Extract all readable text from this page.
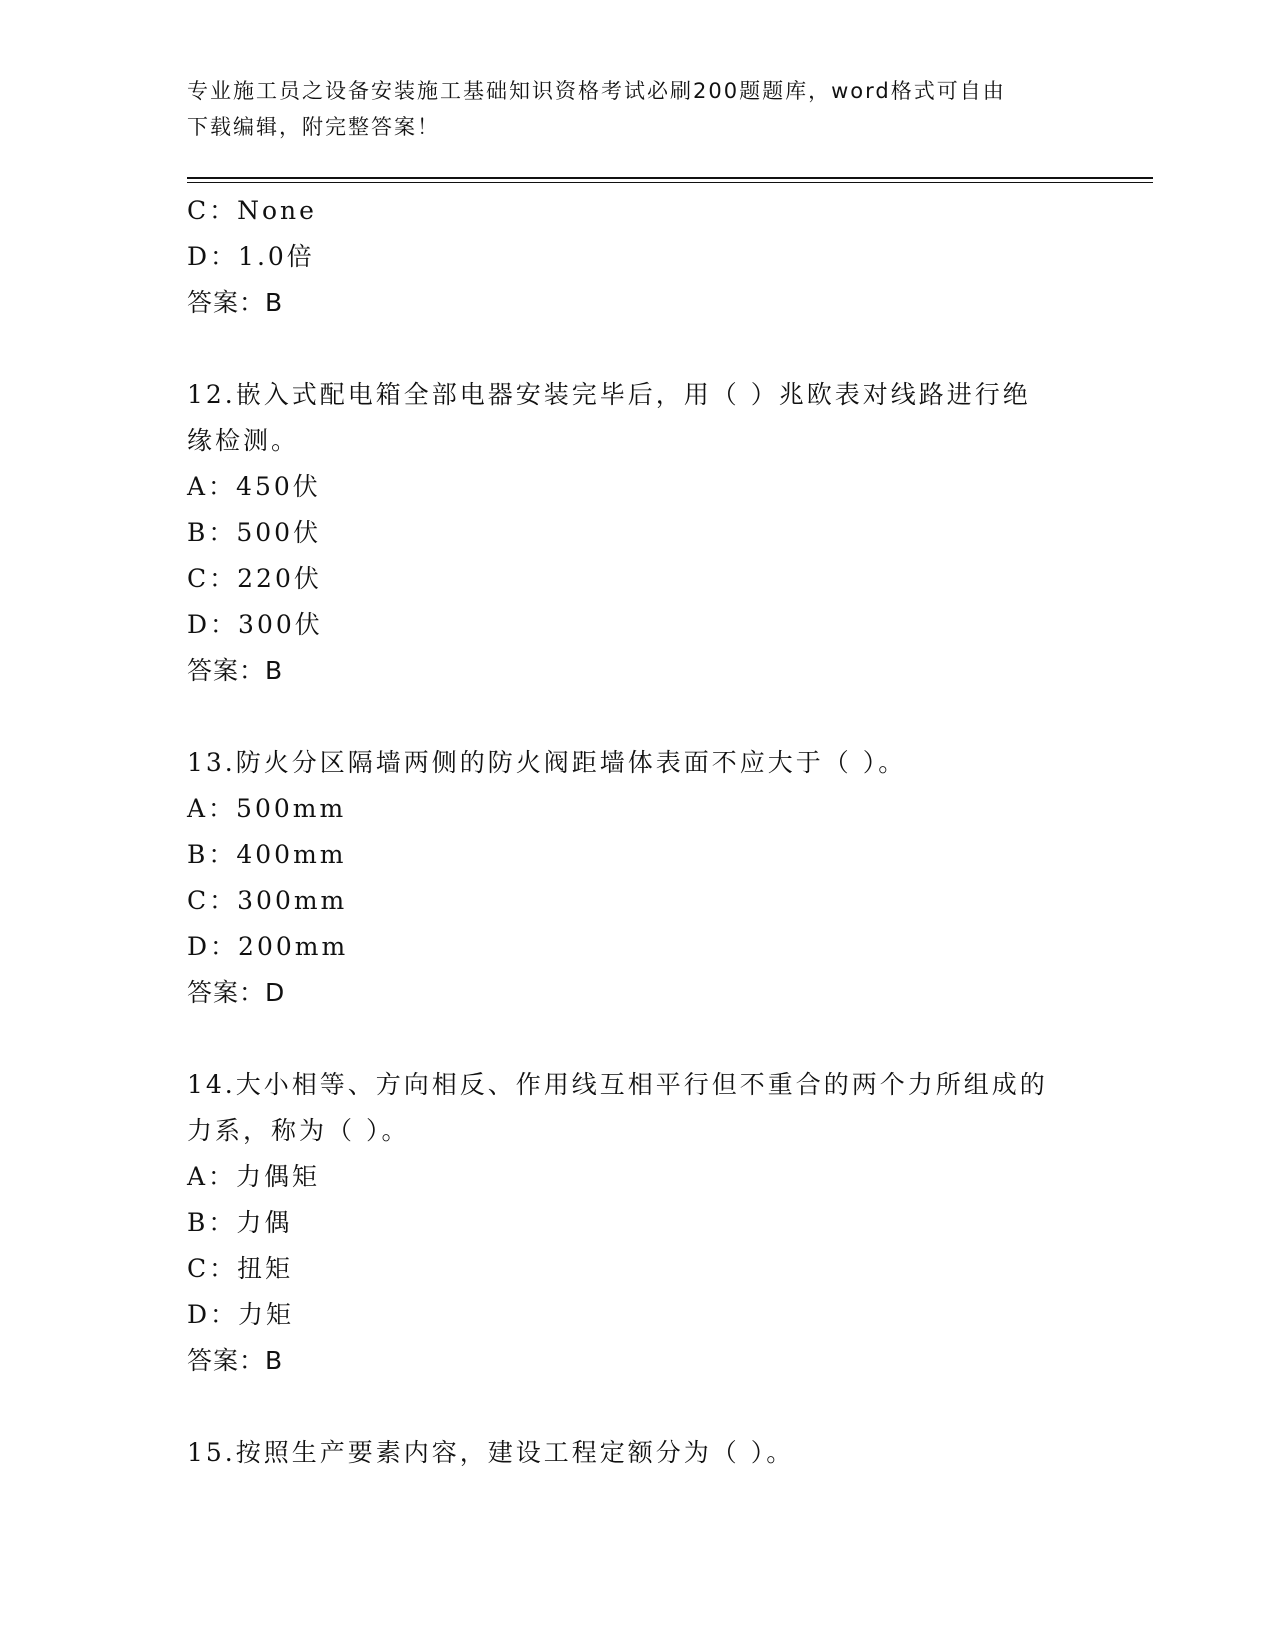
专业施工员之设备安装施工基础知识资格考试必刷200题题库，word格式可自由
下载编辑，附完整答案！
C：None
D：1.0倍
答案：B
12.嵌入式配电箱全部电器安装完毕后，用（ ）兆欧表对线路进行绝
缘检测。
A：450伏
B：500伏
C：220伏
D：300伏
答案：B
13.防火分区隔墙两侧的防火阀距墙体表面不应大于（ ）。
A：500mm
B：400mm
C：300mm
D：200mm
答案：D
14.大小相等、方向相反、作用线互相平行但不重合的两个力所组成的
力系，称为（ ）。
A：力偶矩
B：力偶
C：扭矩
D：力矩
答案：B
15.按照生产要素内容，建设工程定额分为（ ）。
